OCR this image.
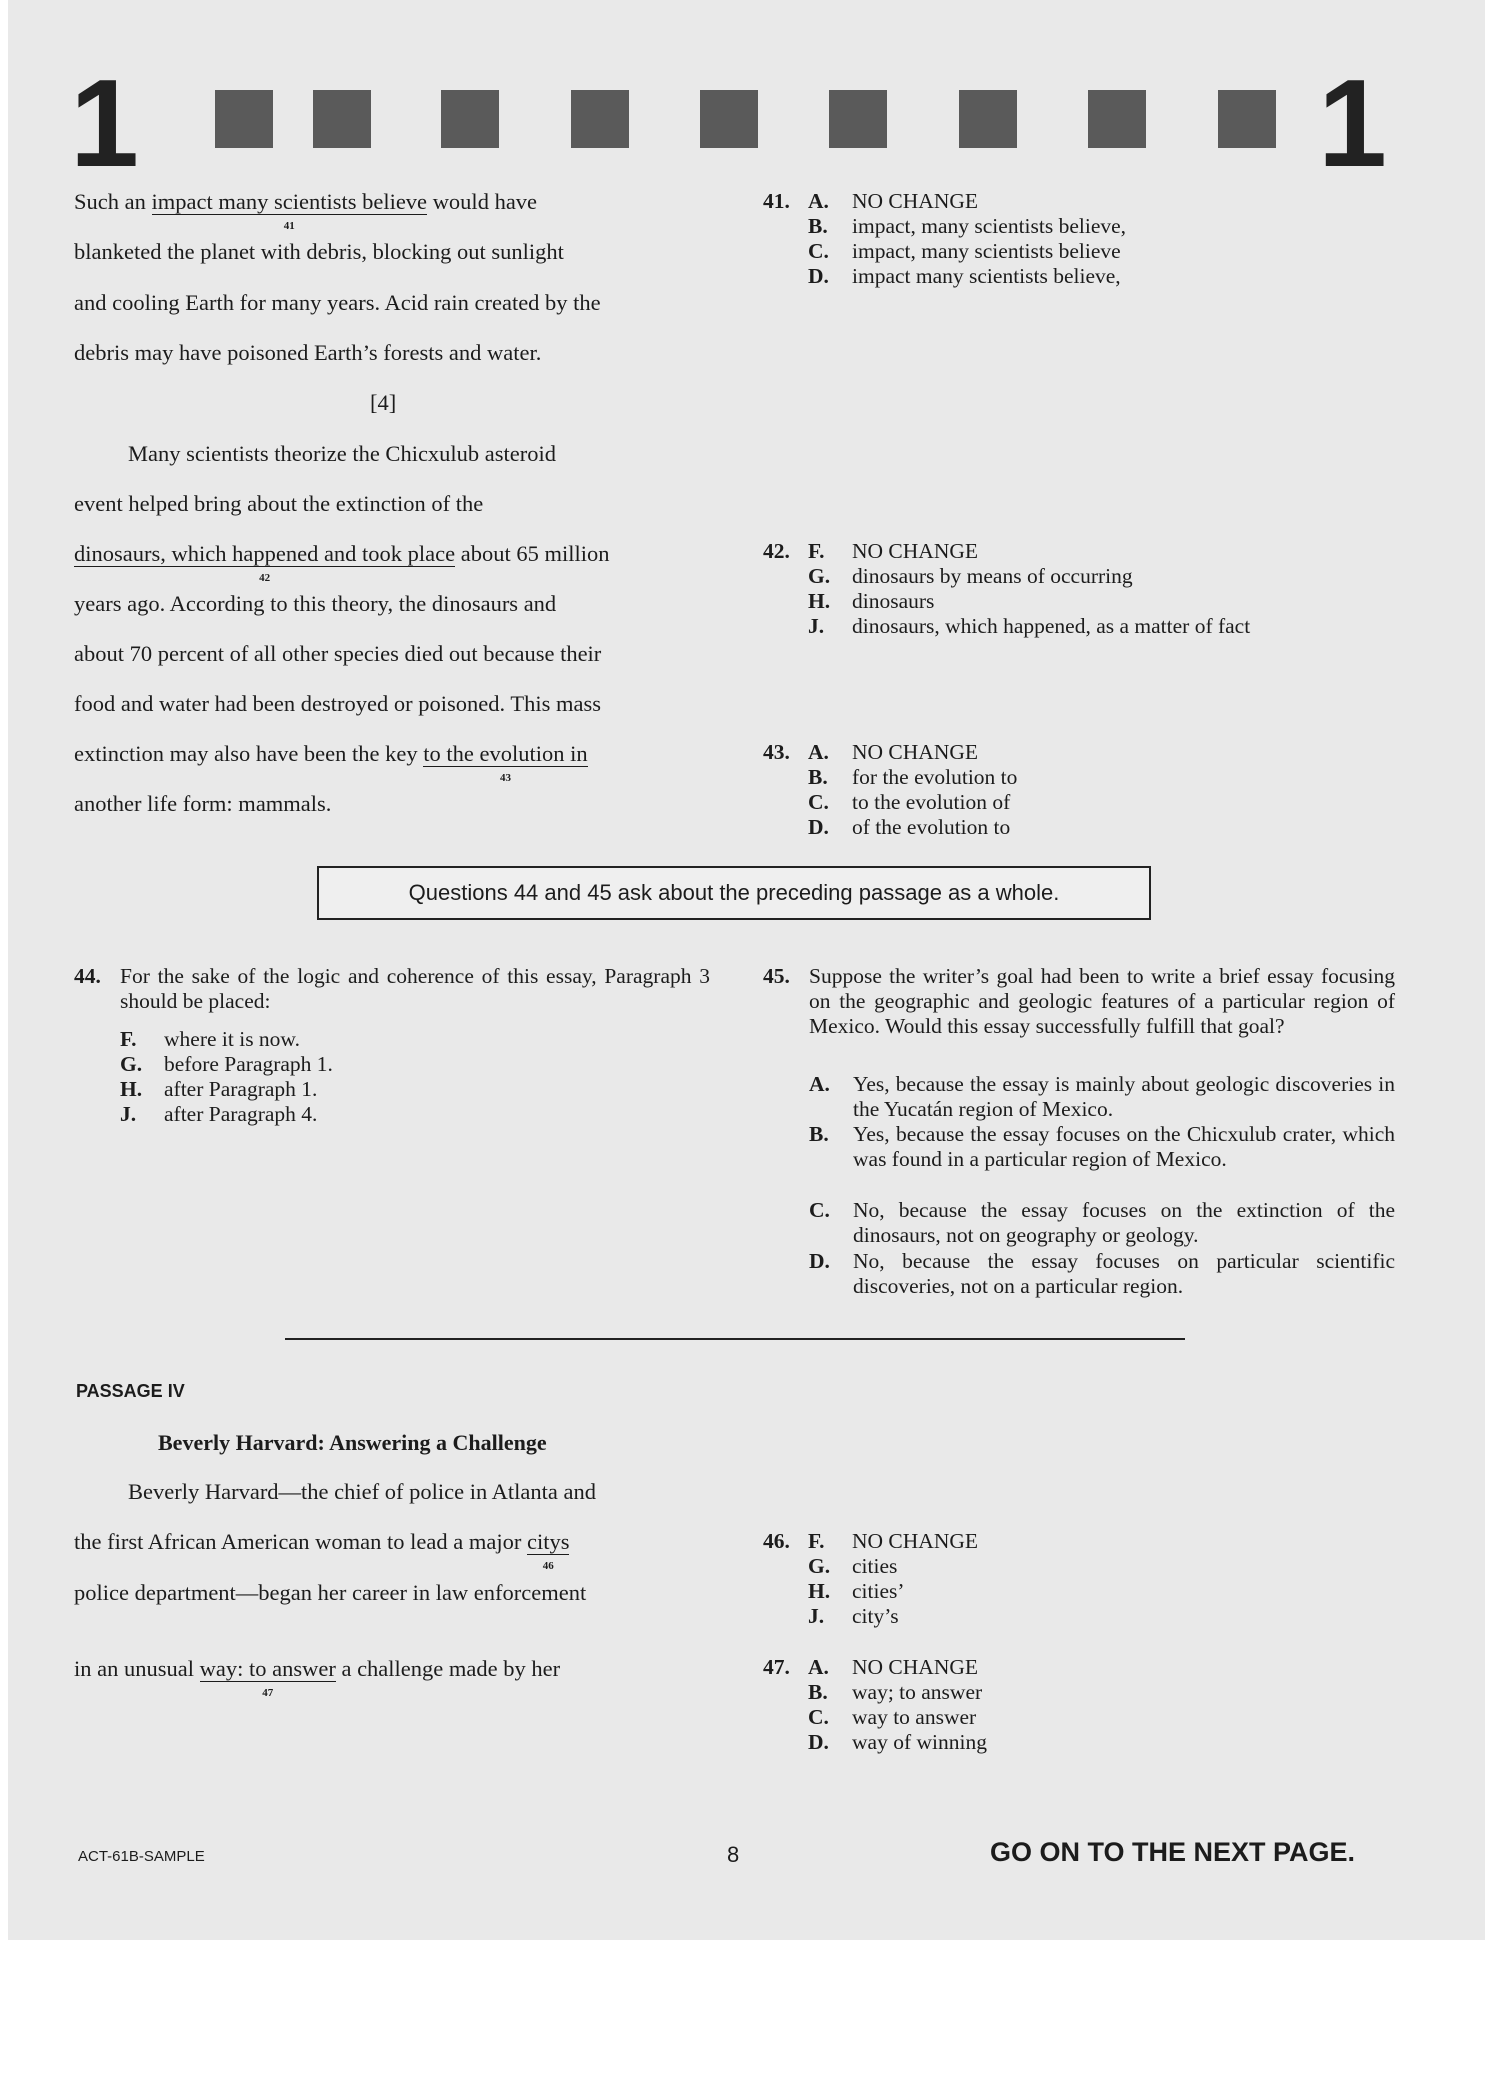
1	1
Such an impact many scientists believe
41
would have
blanketed the planet with debris, blocking out sunlight
and cooling Earth for many years. Acid rain created by the
debris may have poisoned Earth’s forests and water.
[4]
Many scientists theorize the Chicxulub asteroid
event helped bring about the extinction of the
dinosaurs, which happened and took place
42
about 65 million
years ago. According to this theory, the dinosaurs and
about 70 percent of all other species died out because their
food and water had been destroyed or poisoned. This mass
extinction may also have been the key to the evolution in
43
another life form: mammals.
41. A. NO CHANGE
B. impact, many scientists believe,
C. impact, many scientists believe
D. impact many scientists believe,
42. F. NO CHANGE
G. dinosaurs by means of occurring
H. dinosaurs
J. dinosaurs, which happened, as a matter of fact
43. A. NO CHANGE
B. for the evolution to
C. to the evolution of
D. of the evolution to
Questions 44 and 45 ask about the preceding passage as a whole.
44. For the sake of the logic and coherence of this essay, Paragraph 3 should be placed:
F. where it is now.
G. before Paragraph 1.
H. after Paragraph 1.
J. after Paragraph 4.
45. Suppose the writer’s goal had been to write a brief essay focusing on the geographic and geologic features of a particular region of Mexico. Would this essay successfully fulfill that goal?
A. Yes, because the essay is mainly about geologic discoveries in the Yucatán region of Mexico.
B. Yes, because the essay focuses on the Chicxulub crater, which was found in a particular region of Mexico.
C. No, because the essay focuses on the extinction of the dinosaurs, not on geography or geology.
D. No, because the essay focuses on particular scientific discoveries, not on a particular region.
PASSAGE IV
Beverly Harvard: Answering a Challenge
Beverly Harvard—the chief of police in Atlanta and
the first African American woman to lead a major citys
46
police department—began her career in law enforcement
in an unusual way: to answer
47
a challenge made by her
46. F. NO CHANGE
G. cities
H. cities’
J. city’s
47. A. NO CHANGE
B. way; to answer
C. way to answer
D. way of winning
ACT-61B-SAMPLE	8	GO ON TO THE NEXT PAGE.
